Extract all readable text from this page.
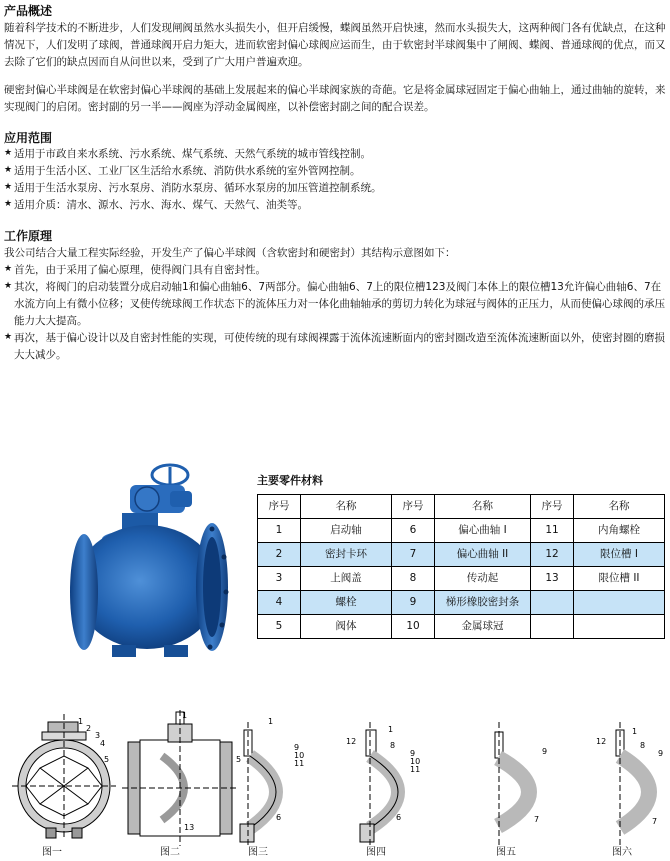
产品概述

随着科学技术的不断进步，人们发现闸阀虽然水头损失小，但开启缓慢，蝶阀虽然开启快速，然而水头损失大，这两种阀门各有优缺点，在这种情况下，人们发明了球阀，普通球阀开启力矩大，进而软密封偏心球阀应运而生，由于软密封半球阀集中了闸阀、蝶阀、普通球阀的优点，而又去除了它们的缺点因而自从问世以来，受到了广大用户普遍欢迎。

硬密封偏心半球阀是在软密封偏心半球阀的基础上发展起来的偏心半球阀家族的奇葩。它是将金属球冠固定于偏心曲轴上，通过曲轴的旋转，来实现阀门的启闭。密封副的另一半——阀座为浮动金属阀座，以补偿密封副之间的配合误差。

应用范围
★ 适用于市政自来水系统、污水系统、煤气系统、天然气系统的城市管线控制。
★ 适用于生活小区、工业厂区生活给水系统、消防供水系统的室外管网控制。
★ 适用于生活水泵房、污水泵房、消防水泵房、循环水泵房的加压管道控制系统。
★ 适用介质：清水、源水、污水、海水、煤气、天然气、油类等。
工作原理

我公司结合大量工程实际经验，开发生产了偏心半球阀（含软密封和硬密封）其结构示意图如下：

★ 首先，由于采用了偏心原理，使得阀门具有自密封性。
★ 其次，将阀门的启动装置分成启动轴1和偏心曲轴6、7两部分。偏心曲轴6、7上的限位槽123及阀门本体上的限位槽13允许偏心曲轴6、7在水流方向上有微小位移；叉使传统球阀工作状态下的流体压力对一体化曲轴轴承的剪切力转化为球冠与阀体的正压力，从而使偏心球阀的承压能力大大提高。
★ 再次，基于偏心设计以及自密封性能的实现，可使传统的现有球阀裸露于流体流速断面内的密封圈改造至流体流速断面以外，使密封圈的磨损大大减少。
主要零件材料
序号	名称	序号	名称	序号	名称
1	启动轴	6	偏心曲轴 I	11	内角螺栓
2	密封卡环	7	偏心曲轴 II	12	限位槽 I
3	上阀盖	8	传动起	13	限位槽 II
4	螺栓	9	梯形橡胶密封条		
5	阀体	10	金属球冠		
1
2
3
4
5
1
5
13
1
9
10
11
6
12
1
8
9
10
11
6
9
7
12
1
8
9
7
图一	图二	图三	图四	图五	图六
